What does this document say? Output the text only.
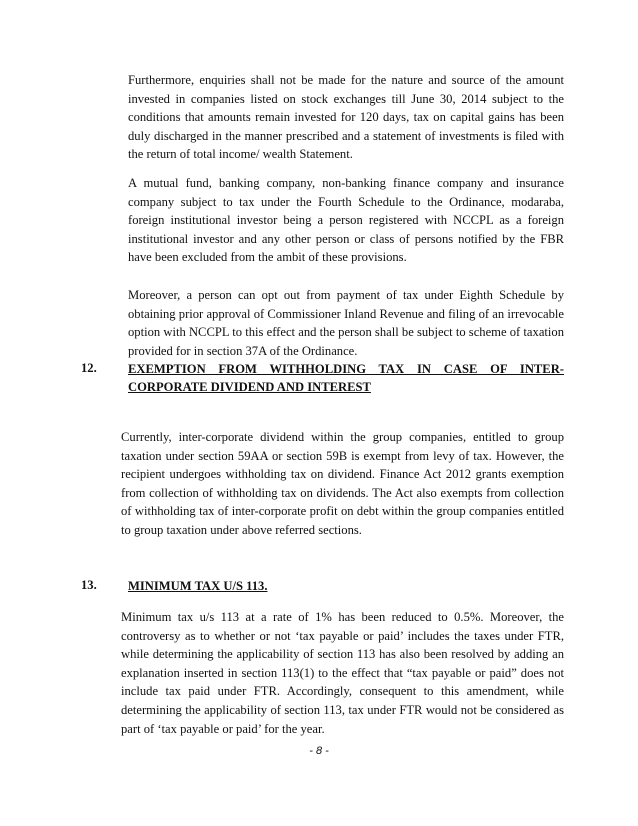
Furthermore, enquiries shall not be made for the nature and source of the amount invested in companies listed on stock exchanges till June 30, 2014 subject to the conditions that amounts remain invested for 120 days, tax on capital gains has been duly discharged in the manner prescribed and a statement of investments is filed with the return of total income/ wealth Statement.

A mutual fund, banking company, non-banking finance company and insurance company subject to tax under the Fourth Schedule to the Ordinance, modaraba, foreign institutional investor being a person registered with NCCPL as a foreign institutional investor and any other person or class of persons notified by the FBR have been excluded from the ambit of these provisions.

Moreover, a person can opt out from payment of tax under Eighth Schedule by obtaining prior approval of Commissioner Inland Revenue and filing of an irrevocable option with NCCPL to this effect and the person shall be subject to scheme of taxation provided for in section 37A of the Ordinance.

12. EXEMPTION FROM WITHHOLDING TAX IN CASE OF INTER-CORPORATE DIVIDEND AND INTEREST

Currently, inter-corporate dividend within the group companies, entitled to group taxation under section 59AA or section 59B is exempt from levy of tax. However, the recipient undergoes withholding tax on dividend. Finance Act 2012 grants exemption from collection of withholding tax on dividends. The Act also exempts from collection of withholding tax of inter-corporate profit on debt within the group companies entitled to group taxation under above referred sections.

13. MINIMUM TAX U/S 113.

Minimum tax u/s 113 at a rate of 1% has been reduced to 0.5%. Moreover, the controversy as to whether or not ‘tax payable or paid’ includes the taxes under FTR, while determining the applicability of section 113 has also been resolved by adding an explanation inserted in section 113(1) to the effect that “tax payable or paid” does not include tax paid under FTR. Accordingly, consequent to this amendment, while determining the applicability of section 113, tax under FTR would not be considered as part of ‘tax payable or paid’ for the year.

- 8 -
